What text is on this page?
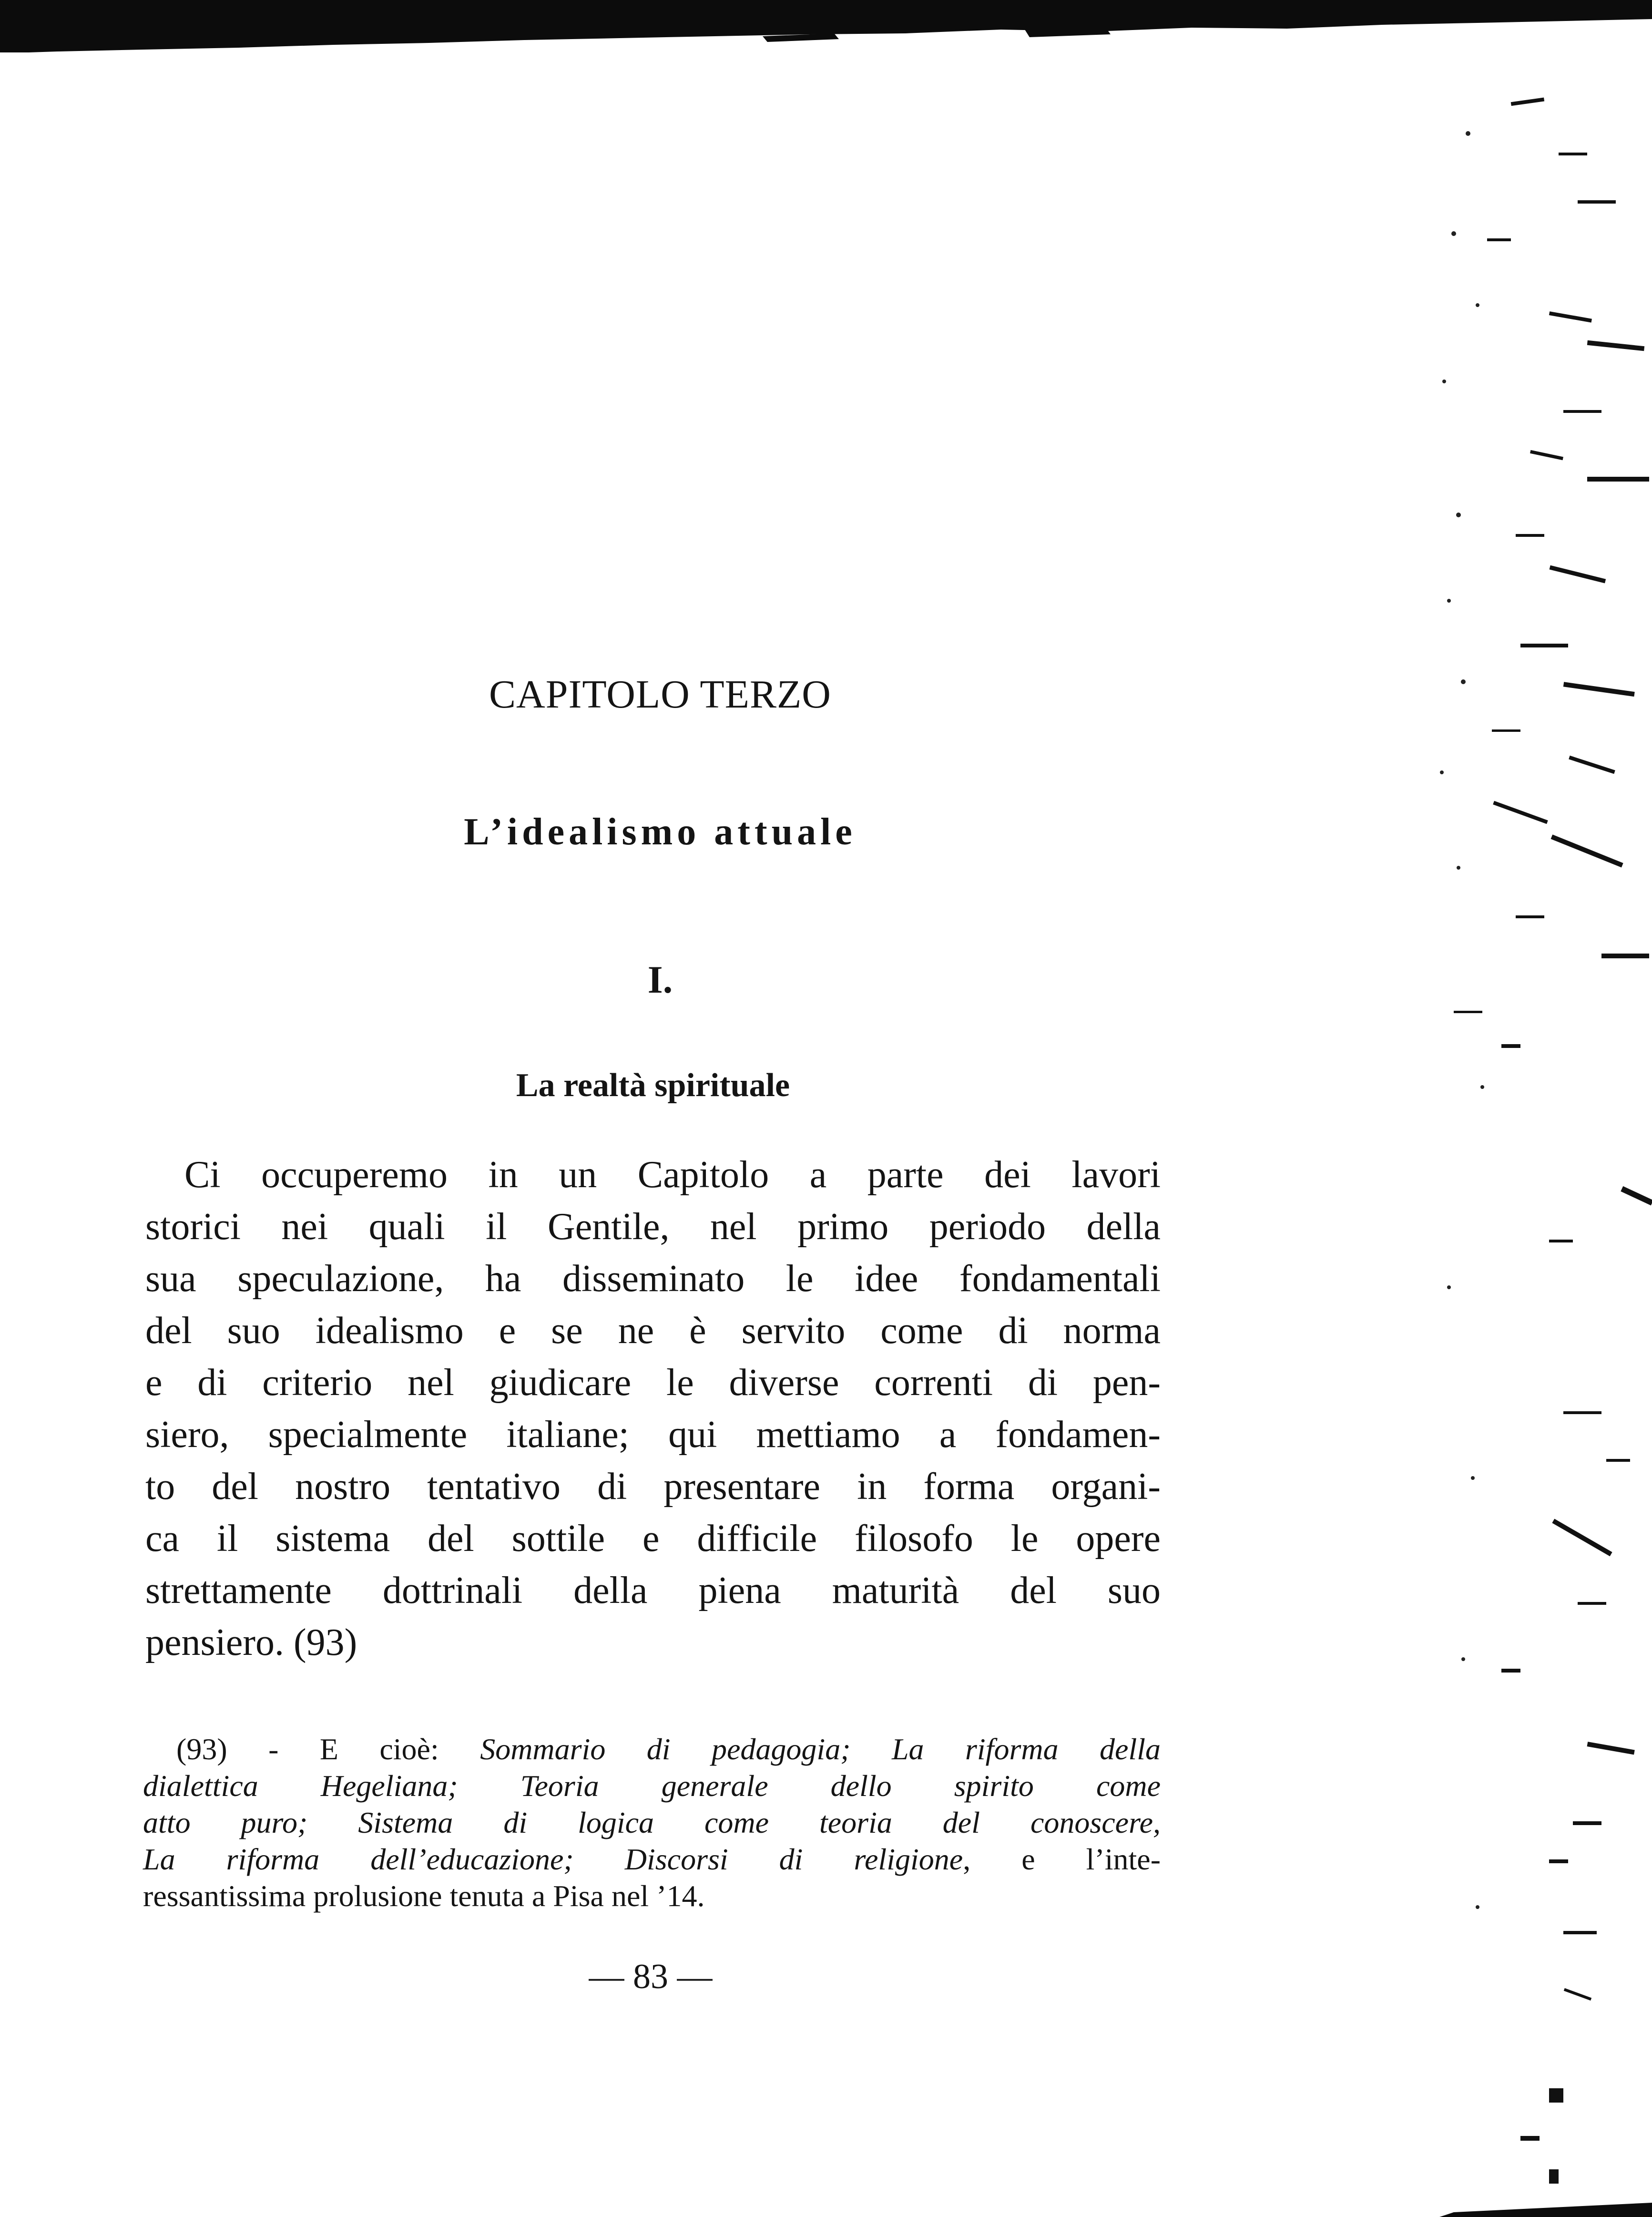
CAPITOLO TERZO
L’idealismo attuale
I.
La realtà spirituale
Ci occuperemo in un Capitolo a parte dei lavori
storici nei quali il Gentile, nel primo periodo della
sua speculazione, ha disseminato le idee fondamentali
del suo idealismo e se ne è servito come di norma
e di criterio nel giudicare le diverse correnti di pen-
siero, specialmente italiane; qui mettiamo a fondamen-
to del nostro tentativo di presentare in forma organi-
ca il sistema del sottile e difficile filosofo le opere
strettamente dottrinali della piena maturità del suo
pensiero. (93)
(93) - E cioè: Sommario di pedagogia; La riforma della
dialettica Hegeliana; Teoria generale dello spirito come
atto puro; Sistema di logica come teoria del conoscere,
La riforma dell’educazione; Discorsi di religione, e l’inte-
ressantissima prolusione tenuta a Pisa nel ’14.
— 83 —
